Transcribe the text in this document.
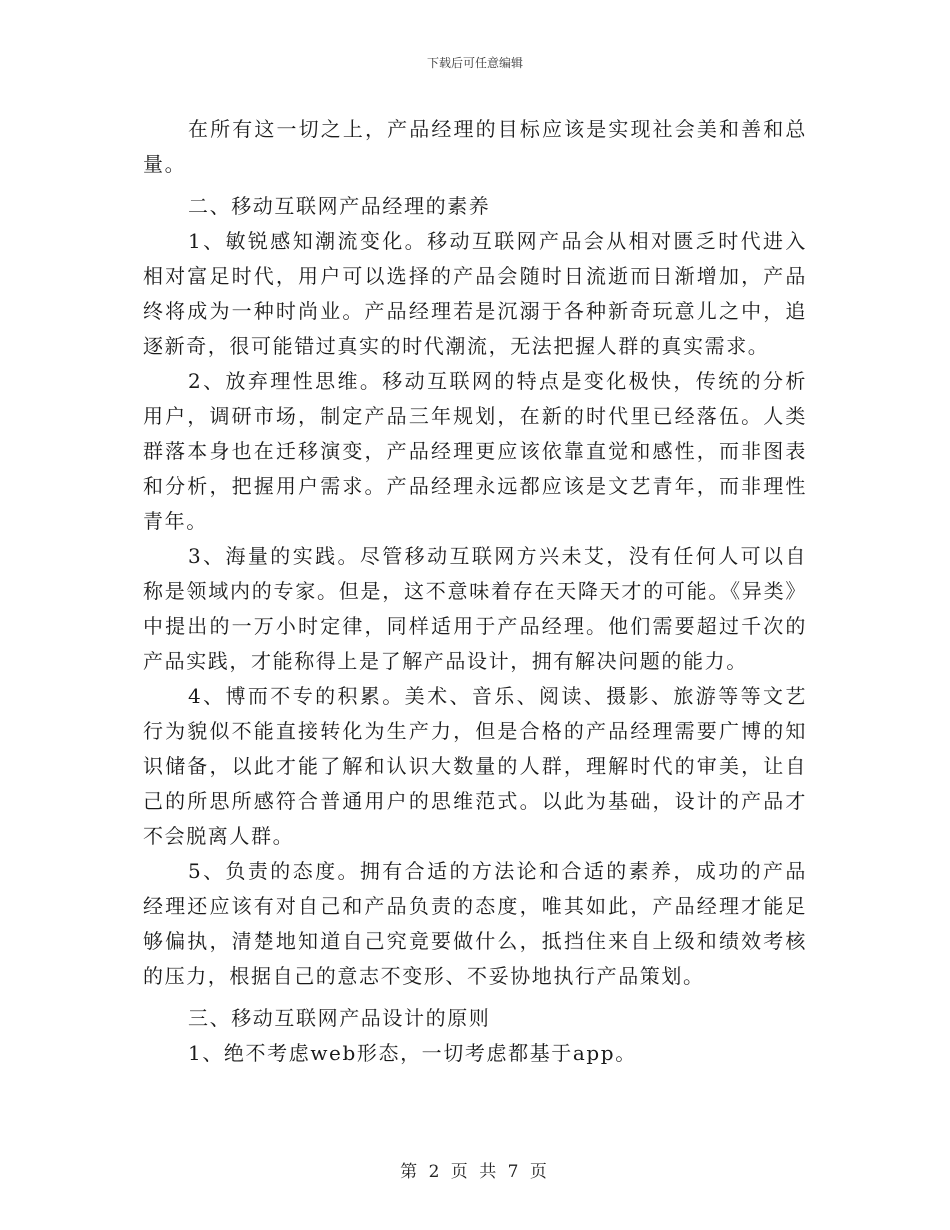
下载后可任意编辑

在所有这一切之上，产品经理的目标应该是实现社会美和善和总量。

二、移动互联网产品经理的素养

1、敏锐感知潮流变化。移动互联网产品会从相对匮乏时代进入相对富足时代，用户可以选择的产品会随时日流逝而日渐增加，产品终将成为一种时尚业。产品经理若是沉溺于各种新奇玩意儿之中，追逐新奇，很可能错过真实的时代潮流，无法把握人群的真实需求。

2、放弃理性思维。移动互联网的特点是变化极快，传统的分析用户，调研市场，制定产品三年规划，在新的时代里已经落伍。人类群落本身也在迁移演变，产品经理更应该依靠直觉和感性，而非图表和分析，把握用户需求。产品经理永远都应该是文艺青年，而非理性青年。

3、海量的实践。尽管移动互联网方兴未艾，没有任何人可以自称是领域内的专家。但是，这不意味着存在天降天才的可能。《异类》中提出的一万小时定律，同样适用于产品经理。他们需要超过千次的产品实践，才能称得上是了解产品设计，拥有解决问题的能力。

4、博而不专的积累。美术、音乐、阅读、摄影、旅游等等文艺行为貌似不能直接转化为生产力，但是合格的产品经理需要广博的知识储备，以此才能了解和认识大数量的人群，理解时代的审美，让自己的所思所感符合普通用户的思维范式。以此为基础，设计的产品才不会脱离人群。

5、负责的态度。拥有合适的方法论和合适的素养，成功的产品经理还应该有对自己和产品负责的态度，唯其如此，产品经理才能足够偏执，清楚地知道自己究竟要做什么，抵挡住来自上级和绩效考核的压力，根据自己的意志不变形、不妥协地执行产品策划。

三、移动互联网产品设计的原则

1、绝不考虑web形态，一切考虑都基于app。

第 2 页 共 7 页
